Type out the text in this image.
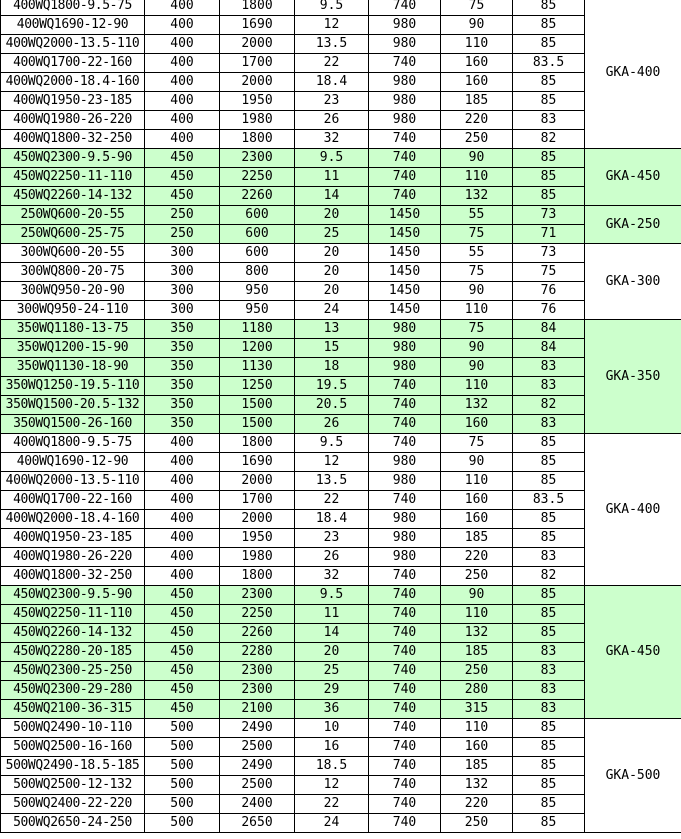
400WQ1800-9.5-75	400	1800	9.5	740	75	85	GKA-400
400WQ1690-12-90	400	1690	12	980	90	85	
400WQ2000-13.5-110	400	2000	13.5	980	110	85	
400WQ1700-22-160	400	1700	22	740	160	83.5	
400WQ2000-18.4-160	400	2000	18.4	980	160	85	
400WQ1950-23-185	400	1950	23	980	185	85	
400WQ1980-26-220	400	1980	26	980	220	83	
400WQ1800-32-250	400	1800	32	740	250	82	
450WQ2300-9.5-90	450	2300	9.5	740	90	85	GKA-450
450WQ2250-11-110	450	2250	11	740	110	85	
450WQ2260-14-132	450	2260	14	740	132	85	
250WQ600-20-55	250	600	20	1450	55	73	GKA-250
250WQ600-25-75	250	600	25	1450	75	71	
300WQ600-20-55	300	600	20	1450	55	73	GKA-300
300WQ800-20-75	300	800	20	1450	75	75	
300WQ950-20-90	300	950	20	1450	90	76	
300WQ950-24-110	300	950	24	1450	110	76	
350WQ1180-13-75	350	1180	13	980	75	84	GKA-350
350WQ1200-15-90	350	1200	15	980	90	84	
350WQ1130-18-90	350	1130	18	980	90	83	
350WQ1250-19.5-110	350	1250	19.5	740	110	83	
350WQ1500-20.5-132	350	1500	20.5	740	132	82	
350WQ1500-26-160	350	1500	26	740	160	83	
400WQ1800-9.5-75	400	1800	9.5	740	75	85	GKA-400
400WQ1690-12-90	400	1690	12	980	90	85	
400WQ2000-13.5-110	400	2000	13.5	980	110	85	
400WQ1700-22-160	400	1700	22	740	160	83.5	
400WQ2000-18.4-160	400	2000	18.4	980	160	85	
400WQ1950-23-185	400	1950	23	980	185	85	
400WQ1980-26-220	400	1980	26	980	220	83	
400WQ1800-32-250	400	1800	32	740	250	82	
450WQ2300-9.5-90	450	2300	9.5	740	90	85	GKA-450
450WQ2250-11-110	450	2250	11	740	110	85	
450WQ2260-14-132	450	2260	14	740	132	85	
450WQ2280-20-185	450	2280	20	740	185	83	
450WQ2300-25-250	450	2300	25	740	250	83	
450WQ2300-29-280	450	2300	29	740	280	83	
450WQ2100-36-315	450	2100	36	740	315	83	
500WQ2490-10-110	500	2490	10	740	110	85	GKA-500
500WQ2500-16-160	500	2500	16	740	160	85	
500WQ2490-18.5-185	500	2490	18.5	740	185	85	
500WQ2500-12-132	500	2500	12	740	132	85	
500WQ2400-22-220	500	2400	22	740	220	85	
500WQ2650-24-250	500	2650	24	740	250	85	
